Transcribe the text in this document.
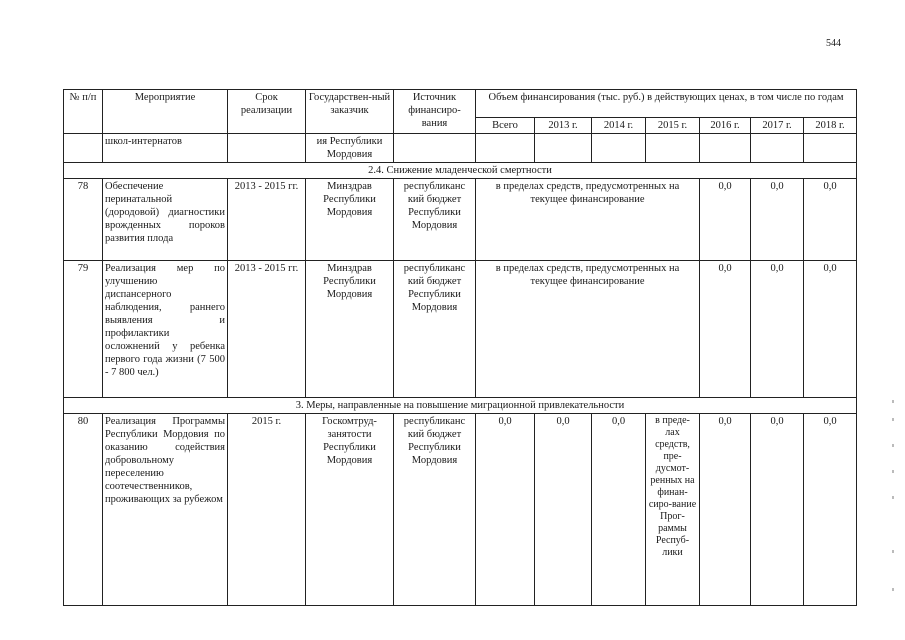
544
№ п/п	Мероприятие	Срок реализации	Государствен-ный заказчик	Источник финансиро-вания	Объем финансирования (тыс. руб.) в действующих ценах, в том числе по годам						
					Всего	2013 г.	2014 г.	2015 г.	2016 г.	2017 г.	2018 г.
	школ-интернатов		ия Республики Мордовия								
2.4. Снижение младенческой смертности											
78	Обеспечение перинатальной (дородовой) диагностики врожденных пороков развития плода	2013 - 2015 гг.	Минздрав Республики Мордовия	республиканс кий бюджет Республики Мордовия	в пределах средств, предусмотренных на текущее финансирование				0,0	0,0	0,0
79	Реализация мер по улучшению диспансерного наблюдения, раннего выявления и профилактики осложнений у ребенка первого года жизни (7 500 - 7 800 чел.)	2013 - 2015 гг.	Минздрав Республики Мордовия	республиканс кий бюджет Республики Мордовия	в пределах средств, предусмотренных на текущее финансирование				0,0	0,0	0,0
3. Меры, направленные на повышение миграционной привлекательности											
80	Реализация Программы Республики Мордовия по оказанию содействия добровольному переселению соотечественников, проживающих за рубежом	2015 г.	Госкомтруд-занятости Республики Мордовия	республиканс кий бюджет Республики Мордовия	0,0	0,0	0,0	в преде-лах средств, пре-дусмот-ренных на финан-сиро-вание Прог-раммы Респуб-лики	0,0	0,0	0,0
